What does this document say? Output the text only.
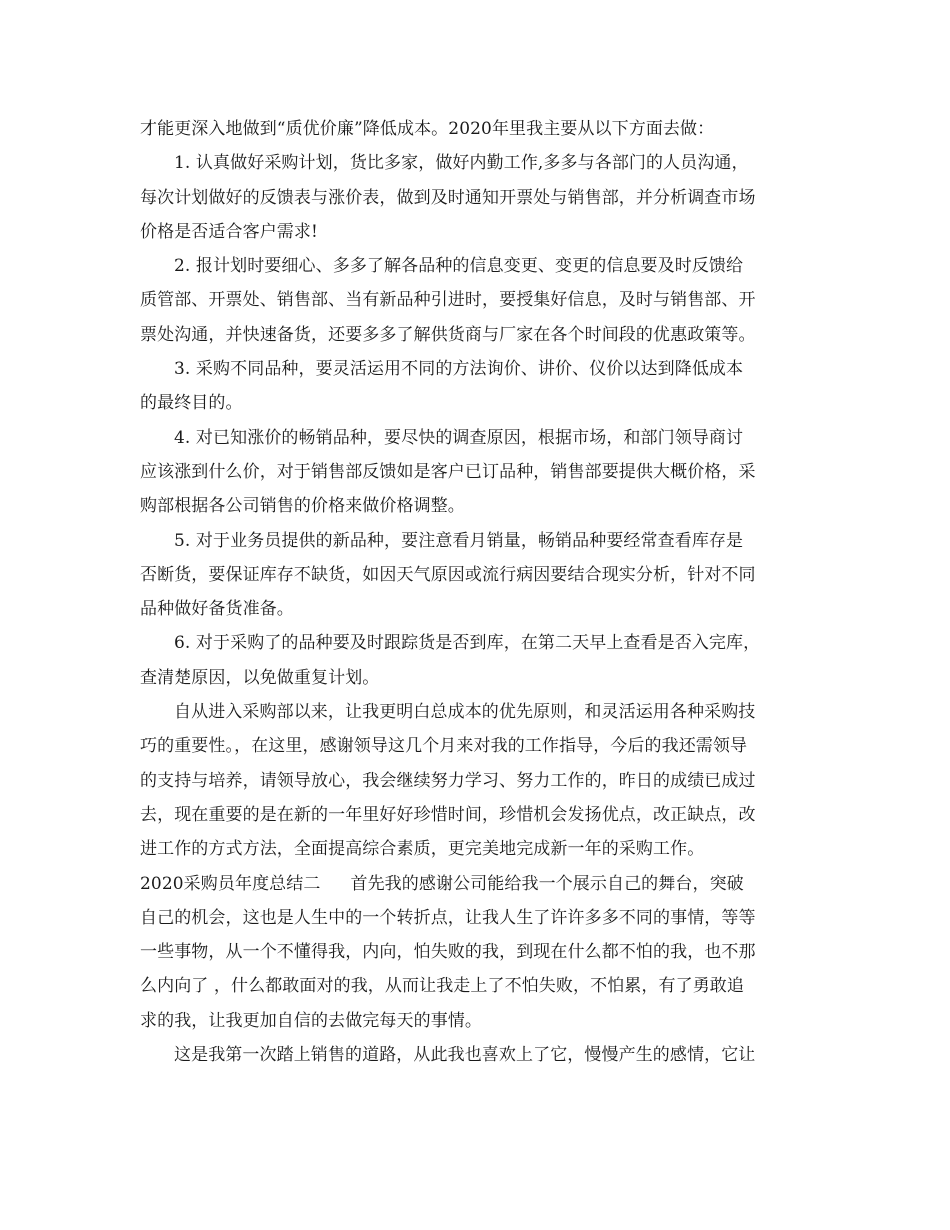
才能更深入地做到“质优价廉”降低成本。2020年里我主要从以下方面去做：
1. 认真做好采购计划，货比多家，做好内勤工作,多多与各部门的人员沟通，
每次计划做好的反馈表与涨价表，做到及时通知开票处与销售部，并分析调查市场
价格是否适合客户需求!
2. 报计划时要细心、多多了解各品种的信息变更、变更的信息要及时反馈给
质管部、开票处、销售部、当有新品种引进时，要授集好信息，及时与销售部、开
票处沟通，并快速备货，还要多多了解供货商与厂家在各个时间段的优惠政策等。
3. 采购不同品种，要灵活运用不同的方法询价、讲价、仪价以达到降低成本
的最终目的。
4. 对已知涨价的畅销品种，要尽快的调查原因，根据市场，和部门领导商讨
应该涨到什么价，对于销售部反馈如是客户已订品种，销售部要提供大概价格，采
购部根据各公司销售的价格来做价格调整。
5. 对于业务员提供的新品种，要注意看月销量，畅销品种要经常查看库存是
否断货，要保证库存不缺货，如因天气原因或流行病因要结合现实分析，针对不同
品种做好备货准备。
6. 对于采购了的品种要及时跟踪货是否到库，在第二天早上查看是否入完库，
查清楚原因，以免做重复计划。
自从进入采购部以来，让我更明白总成本的优先原则，和灵活运用各种采购技
巧的重要性。，在这里，感谢领导这几个月来对我的工作指导，今后的我还需领导
的支持与培养，请领导放心，我会继续努力学习、努力工作的，昨日的成绩已成过
去，现在重要的是在新的一年里好好珍惜时间，珍惜机会发扬优点，改正缺点，改
进工作的方式方法，全面提高综合素质，更完美地完成新一年的采购工作。
2020采购员年度总结二 首先我的感谢公司能给我一个展示自己的舞台，突破
自己的机会，这也是人生中的一个转折点，让我人生了许许多多不同的事情，等等
一些事物，从一个不懂得我，内向，怕失败的我，到现在什么都不怕的我，也不那
么内向了 ，什么都敢面对的我，从而让我走上了不怕失败，不怕累，有了勇敢追
求的我，让我更加自信的去做完每天的事情。
这是我第一次踏上销售的道路，从此我也喜欢上了它，慢慢产生的感情，它让
